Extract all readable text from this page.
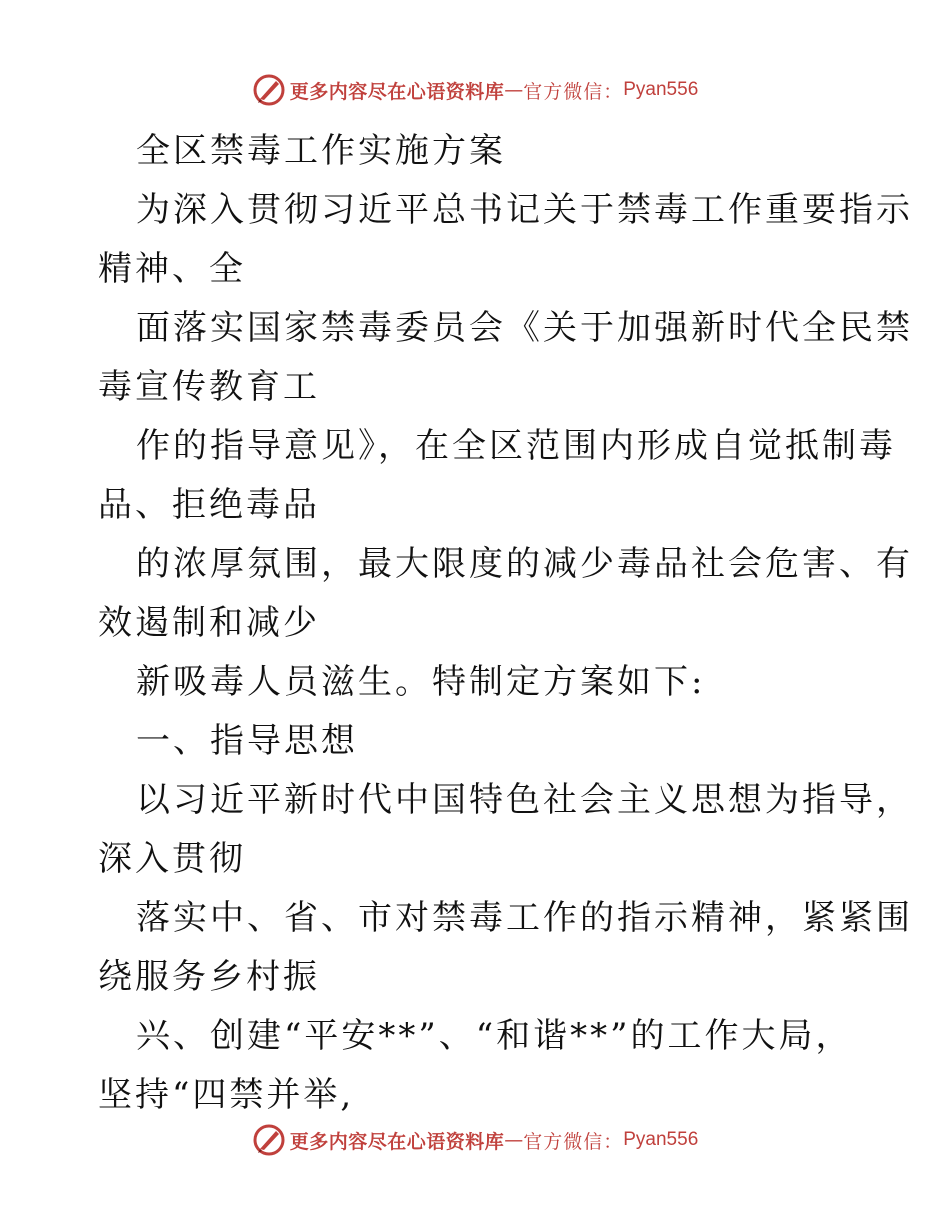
更多内容尽在心语资料库 — 官方微信： Pyan556
全区禁毒工作实施方案
为深入贯彻习近平总书记关于禁毒工作重要指示
精神、全
面落实国家禁毒委员会《关于加强新时代全民禁
毒宣传教育工
作的指导意见》，在全区范围内形成自觉抵制毒
品、拒绝毒品
的浓厚氛围，最大限度的减少毒品社会危害、有
效遏制和减少
新吸毒人员滋生。特制定方案如下:
一、指导思想
以习近平新时代中国特色社会主义思想为指导，
深入贯彻
落实中、省、市对禁毒工作的指示精神，紧紧围
绕服务乡村振
兴、创建“平安**”、“和谐**”的工作大局，
坚持“四禁并举,
更多内容尽在心语资料库 — 官方微信： Pyan556
